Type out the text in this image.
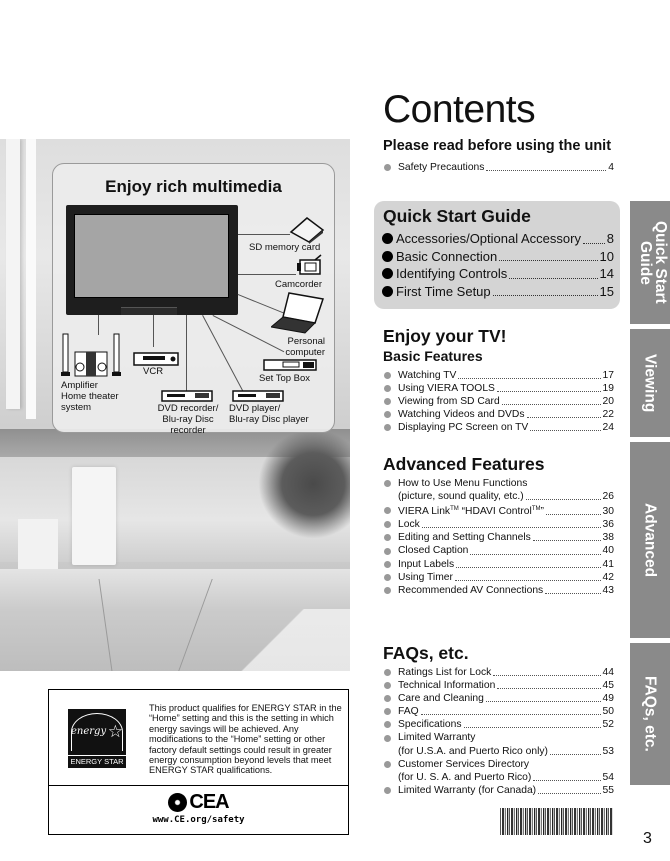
Enjoy rich multimedia
SD memory card
Camcorder
Personal
computer
Set Top Box
Amplifier
Home theater
system
VCR
DVD recorder/
Blu-ray Disc
recorder
DVD player/
Blu-ray Disc player
energy ☆
ENERGY STAR
This product qualifies for ENERGY STAR in the “Home” setting and this is the setting in which energy savings will be achieved. Any modifications to the “Home” setting or other factory default settings could result in greater energy consumption beyond levels that meet ENERGY STAR qualifications.
CEA
www.CE.org/safety
Contents
Please read before using the unit
Safety Precautions	4
Quick Start Guide
Accessories/Optional Accessory 8
Basic Connection	10
Identifying Controls	14
First Time Setup	15
Enjoy your TV!
Basic Features
Watching TV	17
Using VIERA TOOLS	19
Viewing from SD Card	20
Watching Videos and DVDs	22
Displaying PC Screen on TV	24
Advanced Features
How to Use Menu Functions
(picture, sound quality, etc.)	26
VIERA Link™ “HDAVI Control™”	30
Lock	36
Editing and Setting Channels	38
Closed Caption	40
Input Labels	41
Using Timer	42
Recommended AV Connections	43
FAQs, etc.
Ratings List for Lock	44
Technical Information	45
Care and Cleaning	49
FAQ	50
Specifications	52
Limited Warranty
(for U.S.A. and Puerto Rico only)	53
Customer Services Directory
(for U. S. A. and Puerto Rico)	54
Limited Warranty (for Canada)	55
Quick Start Guide
Viewing
Advanced
FAQs, etc.
3
